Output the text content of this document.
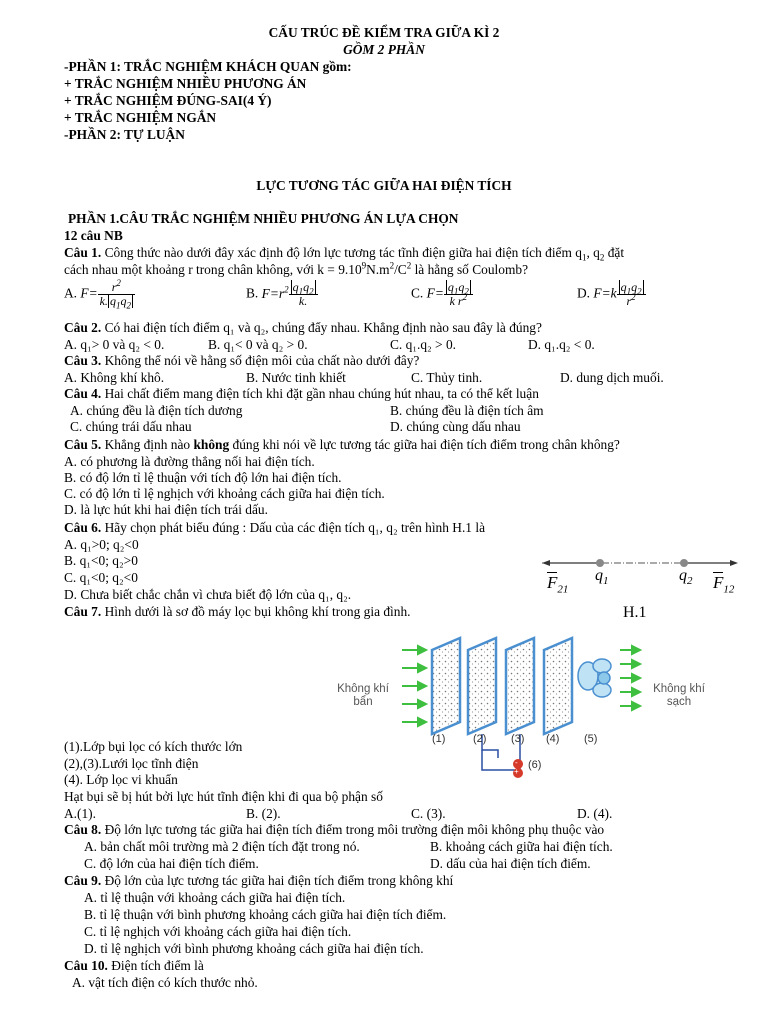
CẤU TRÚC ĐỀ KIỂM TRA GIỮA KÌ 2
GỒM 2 PHẦN
-PHẦN 1: TRẮC NGHIỆM KHÁCH QUAN gồm:
+ TRẮC NGHIỆM NHIỀU PHƯƠNG ÁN
+ TRẮC NGHIỆM ĐÚNG-SAI(4 Ý)
+ TRẮC NGHIỆM NGẮN
-PHẦN 2: TỰ LUẬN
LỰC TƯƠNG TÁC GIỮA HAI ĐIỆN TÍCH
PHẦN 1.CÂU TRẮC NGHIỆM NHIỀU PHƯƠNG ÁN LỰA CHỌN
12 câu NB
Câu 1. Công thức nào dưới đây xác định độ lớn lực tương tác tĩnh điện giữa hai điện tích điểm $q_1$, $q_2$ đặt
cách nhau một khoảng r trong chân không, với $k = 9.10^9N.m^2/C^2$ là hằng số Coulomb?
A. $F= \frac{r^2}{k. q_1q_2}$	B. $F=r^2 \frac{q_1q_2}{k.}$	C. $F= \frac{q_1q_2}{k r^2}$	D. $F=k \frac{q_1q_2}{r^2}$
Câu 2. Có hai điện tích điểm q₁ và q₂, chúng đẩy nhau. Khẳng định nào sau đây là đúng?
A. q₁> 0 và q₂ < 0.	B. q₁< 0 và q₂ > 0.	C. q₁.q₂ > 0.	D. q₁.q₂ < 0.
Câu 3. Không thể nói về hằng số điện môi của chất nào dưới đây?
A. Không khí khô.	B. Nước tinh khiết	C. Thủy tinh.	D. dung dịch muối.
Câu 4. Hai chất điểm mang điện tích khi đặt gần nhau chúng hút nhau, ta có thể kết luận
A. chúng đều là điện tích dương	B. chúng đều là điện tích âm
C. chúng trái dấu nhau	D. chúng cùng dấu nhau
Câu 5. Khẳng định nào không đúng khi nói về lực tương tác giữa hai điện tích điểm trong chân không?
A. có phương là đường thẳng nối hai điện tích.
B. có độ lớn tỉ lệ thuận với tích độ lớn hai điện tích.
C. có độ lớn tỉ lệ nghịch với khoảng cách giữa hai điện tích.
D. là lực hút khi hai điện tích trái dấu.
Câu 6. Hãy chọn phát biểu đúng : Dấu của các điện tích q₁, q₂ trên hình H.1 là
A. q₁>0; q₂<0
B. q₁<0; q₂>0
C. q₁<0; q₂<0
D. Chưa biết chắc chắn vì chưa biết độ lớn của q₁, q₂.
$F_{21}$
$q_1$	$q_2$ $F_{12}$
H.1
Câu 7. Hình dưới là sơ đồ máy lọc bụi không khí trong gia đình.
Không khí
bẩn
Không khí
sạch
(1)	(2) (3) (4) (5)
(6)
-
+
(1).Lớp bụi lọc có kích thước lớn
(2),(3).Lưới lọc tĩnh điện
(4). Lớp lọc vi khuẩn
Hạt bụi sẽ bị hút bởi lực hút tĩnh điện khi đi qua bộ phận số
A.(1).	B. (2).	C. (3).	D. (4).
Câu 8. Độ lớn lực tương tác giữa hai điện tích điểm trong môi trường điện môi không phụ thuộc vào
A. bản chất môi trường mà 2 điện tích đặt trong nó.	B. khoảng cách giữa hai điện tích.
C. độ lớn của hai điện tích điểm.	D. dấu của hai điện tích điểm.
Câu 9. Độ lớn của lực tương tác giữa hai điện tích điểm trong không khí
A. tỉ lệ thuận với khoảng cách giữa hai điện tích.
B. tỉ lệ thuận với bình phương khoảng cách giữa hai điện tích điểm.
C. tỉ lệ nghịch với khoảng cách giữa hai điện tích.
D. tỉ lệ nghịch với bình phương khoảng cách giữa hai điện tích.
Câu 10. Điện tích điểm là
A. vật tích điện có kích thước nhỏ.
